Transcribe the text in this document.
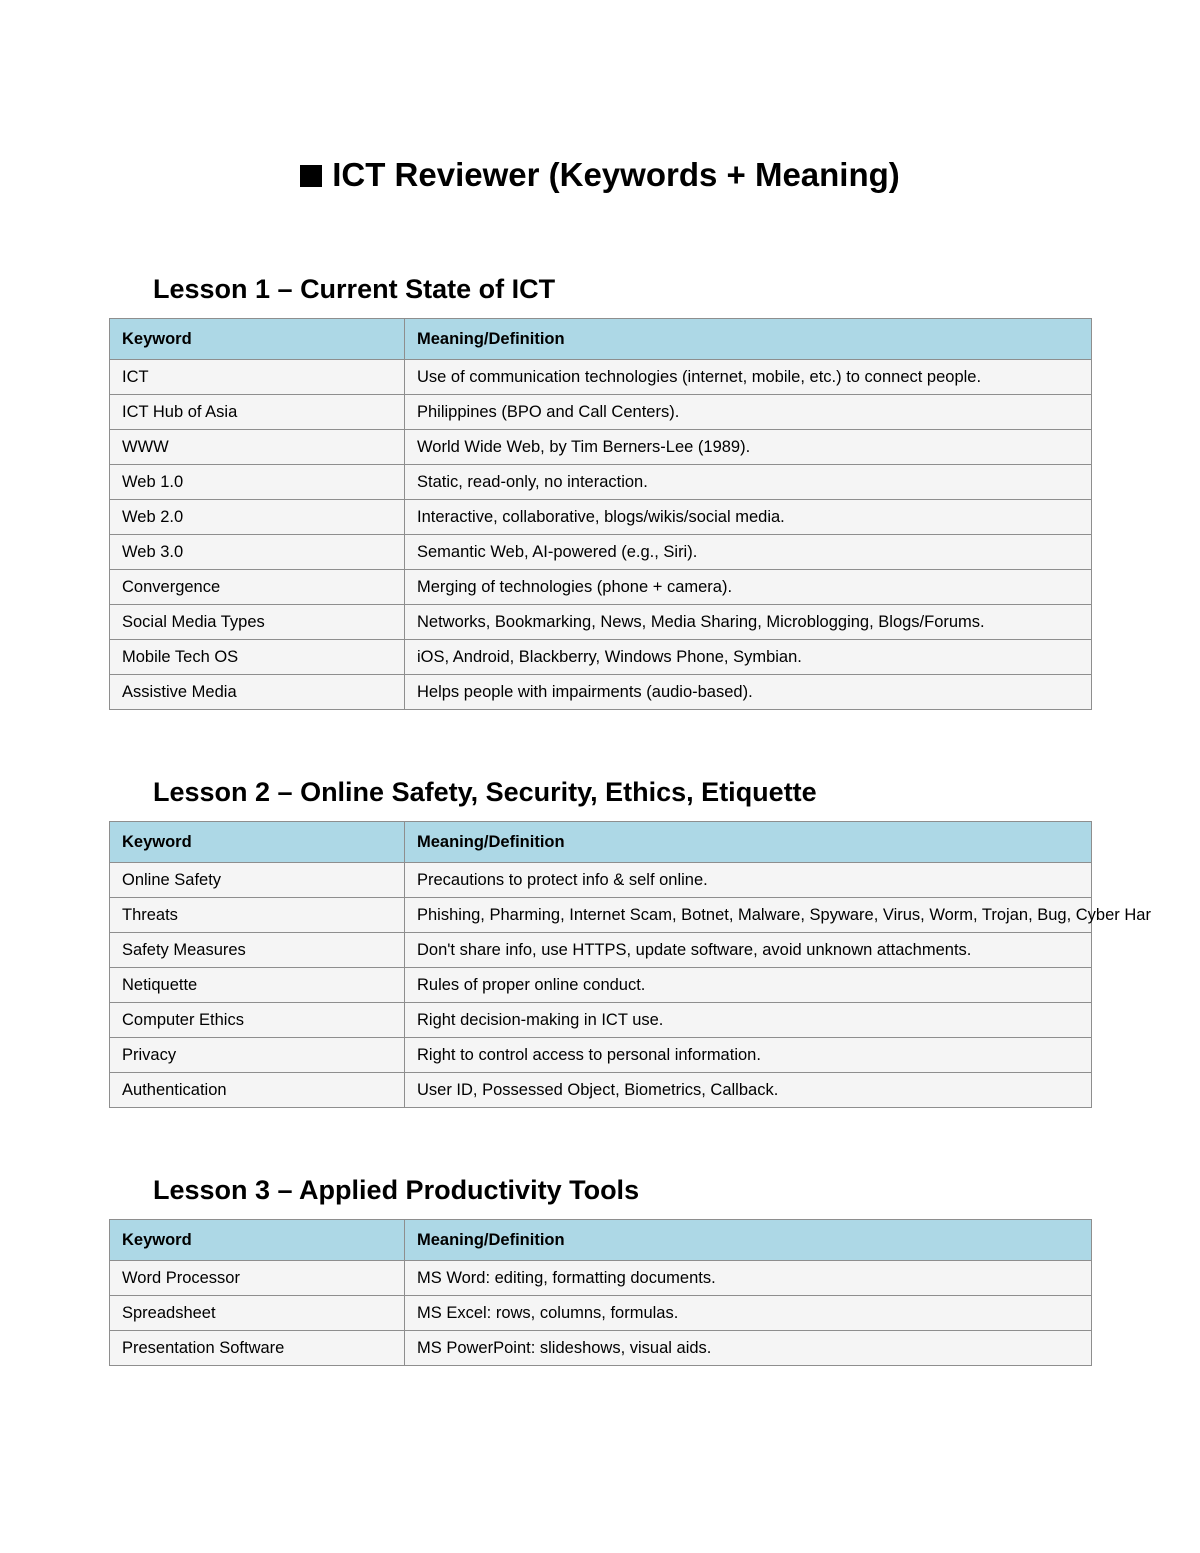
ICT Reviewer (Keywords + Meaning)
Lesson 1 – Current State of ICT
Keyword	Meaning/Definition
ICT	Use of communication technologies (internet, mobile, etc.) to connect people.
ICT Hub of Asia	Philippines (BPO and Call Centers).
WWW	World Wide Web, by Tim Berners-Lee (1989).
Web 1.0	Static, read-only, no interaction.
Web 2.0	Interactive, collaborative, blogs/wikis/social media.
Web 3.0	Semantic Web, AI-powered (e.g., Siri).
Convergence	Merging of technologies (phone + camera).
Social Media Types	Networks, Bookmarking, News, Media Sharing, Microblogging, Blogs/Forums.
Mobile Tech OS	iOS, Android, Blackberry, Windows Phone, Symbian.
Assistive Media	Helps people with impairments (audio-based).
Lesson 2 – Online Safety, Security, Ethics, Etiquette
Keyword	Meaning/Definition
Online Safety	Precautions to protect info & self online.
Threats	Phishing, Pharming, Internet Scam, Botnet, Malware, Spyware, Virus, Worm, Trojan, Bug, Cyber Har
Safety Measures	Don't share info, use HTTPS, update software, avoid unknown attachments.
Netiquette	Rules of proper online conduct.
Computer Ethics	Right decision-making in ICT use.
Privacy	Right to control access to personal information.
Authentication	User ID, Possessed Object, Biometrics, Callback.
Lesson 3 – Applied Productivity Tools
Keyword	Meaning/Definition
Word Processor	MS Word: editing, formatting documents.
Spreadsheet	MS Excel: rows, columns, formulas.
Presentation Software	MS PowerPoint: slideshows, visual aids.
